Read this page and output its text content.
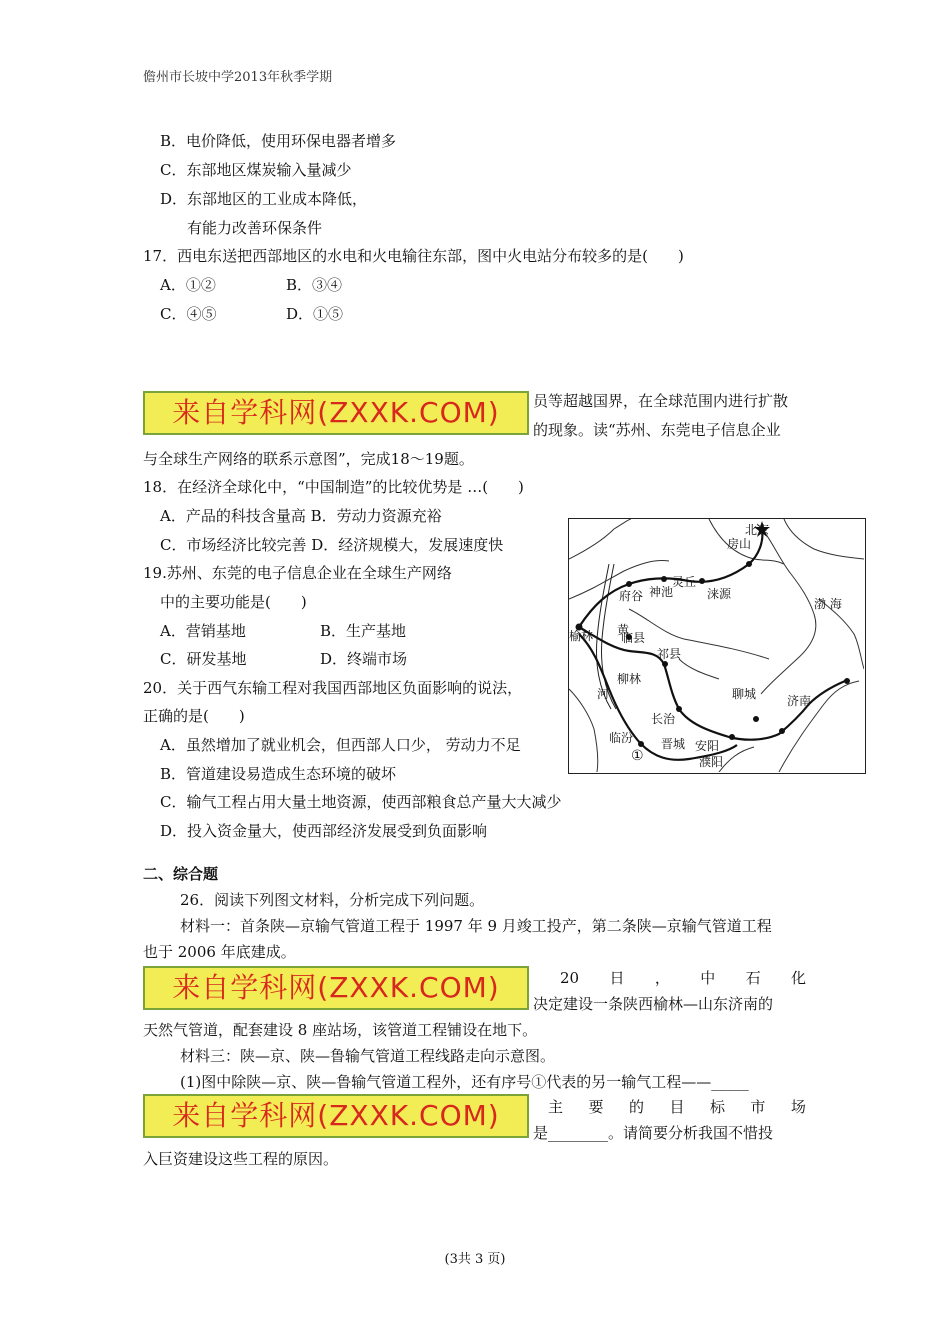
儋州市长坡中学2013年秋季学期
B．电价降低，使用环保电器者增多
C．东部地区煤炭输入量减少
D．东部地区的工业成本降低，
有能力改善环保条件
17．西电东送把西部地区的水电和火电输往东部，图中火电站分布较多的是(　　)
A．①②	B．③④
C．④⑤	D．①⑤
来自学科网(ZXXK.COM)	员等超越国界，在全球范围内进行扩散
的现象。读“苏州、东莞电子信息企业
与全球生产网络的联系示意图”，完成18～19题。
18．在经济全球化中，“中国制造”的比较优势是 …(　　)
A．产品的科技含量高 B．劳动力资源充裕
C．市场经济比较完善 D．经济规模大，发展速度快
19.苏州、东莞的电子信息企业在全球生产网络
中的主要功能是(　　)
A．营销基地	B．生产基地
C．研发基地	D．终端市场
20．关于西气东输工程对我国西部地区负面影响的说法，
正确的是(　　)
A．虽然增加了就业机会，但西部人口少， 劳动力不足
B．管道建设易造成生态环境的破坏
C．输气工程占用大量土地资源，使西部粮食总产量大大减少
D．投入资金量大，使西部经济发展受到负面影响
北京
房山
渤 海
府谷 神池
灵丘
涞源
榆林 黄
临县
祁县
河
柳林
聊城	济南
长治
临汾 晋城 安阳
濮阳
①
二、综合题
26．阅读下列图文材料，分析完成下列问题。
材料一：首条陕—京输气管道工程于 1997 年 9 月竣工投产，第二条陕—京输气管道工程
也于 2006 年底建成。
来自学科网(ZXXK.COM)	20 日 ， 中 石 化
决定建设一条陕西榆林—山东济南的
天然气管道，配套建设 8 座站场，该管道工程铺设在地下。
材料三：陕—京、陕—鲁输气管道工程线路走向示意图。
(1)图中除陕—京、陕—鲁输气管道工程外，还有序号①代表的另一输气工程——_____
来自学科网(ZXXK.COM)	主 要 的 目 标 市 场
是________。请简要分析我国不惜投
入巨资建设这些工程的原因。
(3共 3 页)
